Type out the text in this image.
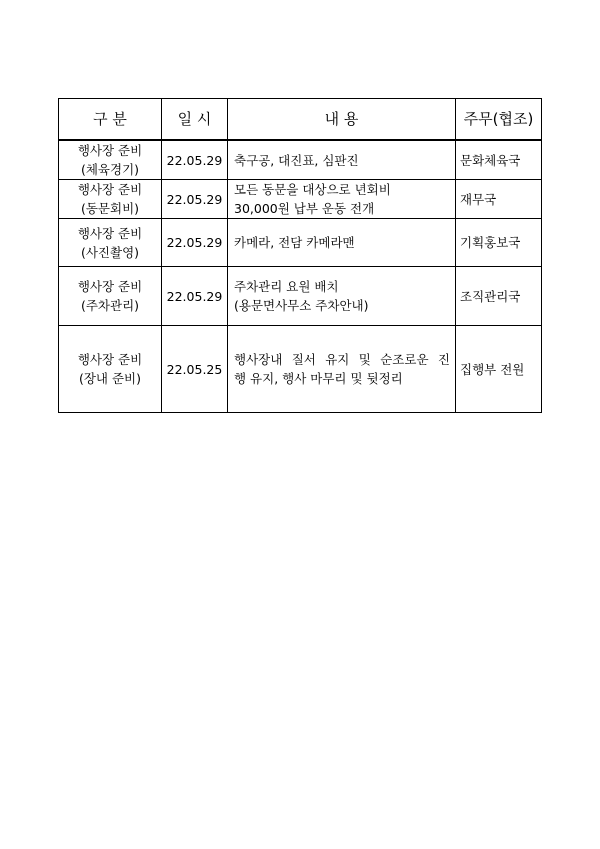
구 분	일 시	내 용	주무(협조)

행사장 준비
(체육경기)	22.05.29	축구공, 대진표, 심판진	문화체육국

행사장 준비
(동문회비)	22.05.29	모든 동문을 대상으로 년회비
30,000원 납부 운동 전개	재무국

행사장 준비
(사진촬영)	22.05.29	카메라, 전담 카메라맨	기획홍보국

행사장 준비
(주차관리)	22.05.29	주차관리 요원 배치
(용문면사무소 주차안내)	조직관리국

행사장 준비
(장내 준비)	22.05.25	행사장내 질서 유지 및 순조로운 진
행 유지, 행사 마무리 및 뒷정리	집행부 전원
